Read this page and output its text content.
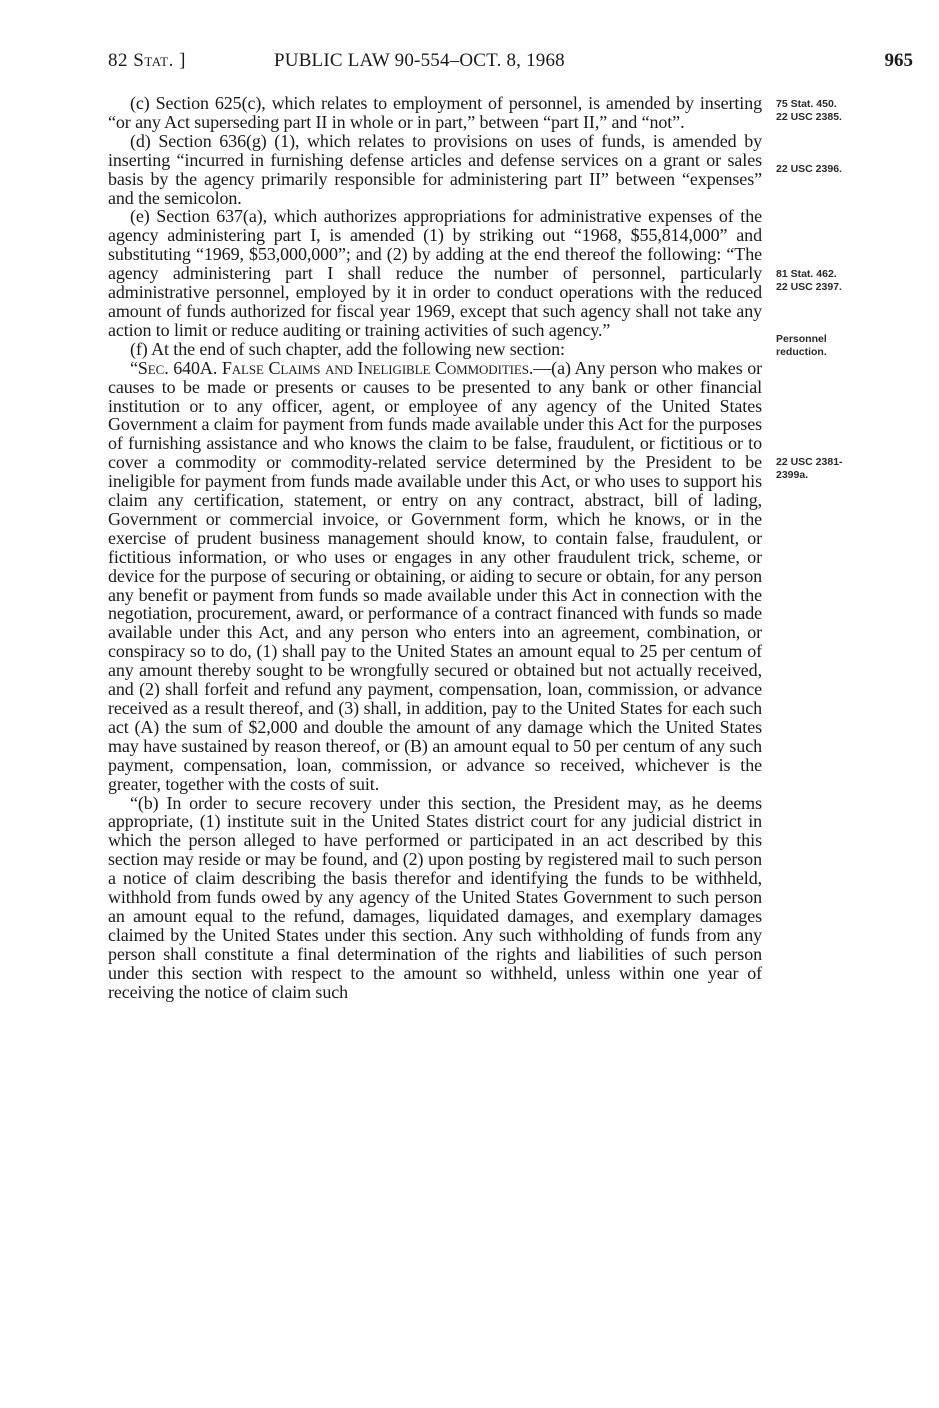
82 Stat. ]	PUBLIC LAW 90-554–OCT. 8, 1968	965

(c) Section 625(c), which relates to employment of personnel, is amended by inserting “or any Act superseding part II in whole or in part,” between “part II,” and “not”.

(d) Section 636(g) (1), which relates to provisions on uses of funds, is amended by inserting “incurred in furnishing defense articles and defense services on a grant or sales basis by the agency primarily responsible for administering part II” between “expenses” and the semicolon.

(e) Section 637(a), which authorizes appropriations for administrative expenses of the agency administering part I, is amended (1) by striking out “1968, $55,814,000” and substituting “1969, $53,000,000”; and (2) by adding at the end thereof the following: “The agency administering part I shall reduce the number of personnel, particularly administrative personnel, employed by it in order to conduct operations with the reduced amount of funds authorized for fiscal year 1969, except that such agency shall not take any action to limit or reduce auditing or training activities of such agency.”

(f) At the end of such chapter, add the following new section:

“Sec. 640A. False Claims and Ineligible Commodities.—(a) Any person who makes or causes to be made or presents or causes to be presented to any bank or other financial institution or to any officer, agent, or employee of any agency of the United States Government a claim for payment from funds made available under this Act for the purposes of furnishing assistance and who knows the claim to be false, fraudulent, or fictitious or to cover a commodity or commodity-related service determined by the President to be ineligible for payment from funds made available under this Act, or who uses to support his claim any certification, statement, or entry on any contract, abstract, bill of lading, Government or commercial invoice, or Government form, which he knows, or in the exercise of prudent business management should know, to contain false, fraudulent, or fictitious information, or who uses or engages in any other fraudulent trick, scheme, or device for the purpose of securing or obtaining, or aiding to secure or obtain, for any person any benefit or payment from funds so made available under this Act in connection with the negotiation, procurement, award, or performance of a contract financed with funds so made available under this Act, and any person who enters into an agreement, combination, or conspiracy so to do, (1) shall pay to the United States an amount equal to 25 per centum of any amount thereby sought to be wrongfully secured or obtained but not actually received, and (2) shall forfeit and refund any payment, compensation, loan, commission, or advance received as a result thereof, and (3) shall, in addition, pay to the United States for each such act (A) the sum of $2,000 and double the amount of any damage which the United States may have sustained by reason thereof, or (B) an amount equal to 50 per centum of any such payment, compensation, loan, commission, or advance so received, whichever is the greater, together with the costs of suit.

“(b) In order to secure recovery under this section, the President may, as he deems appropriate, (1) institute suit in the United States district court for any judicial district in which the person alleged to have performed or participated in an act described by this section may reside or may be found, and (2) upon posting by registered mail to such person a notice of claim describing the basis therefor and identifying the funds to be withheld, withhold from funds owed by any agency of the United States Government to such person an amount equal to the refund, damages, liquidated damages, and exemplary damages claimed by the United States under this section. Any such withholding of funds from any person shall constitute a final determination of the rights and liabilities of such person under this section with respect to the amount so withheld, unless within one year of receiving the notice of claim such

75 Stat. 450.
22 USC 2385.
22 USC 2396.
81 Stat. 462.
22 USC 2397.
Personnel
reduction.
22 USC 2381-
2399a.
